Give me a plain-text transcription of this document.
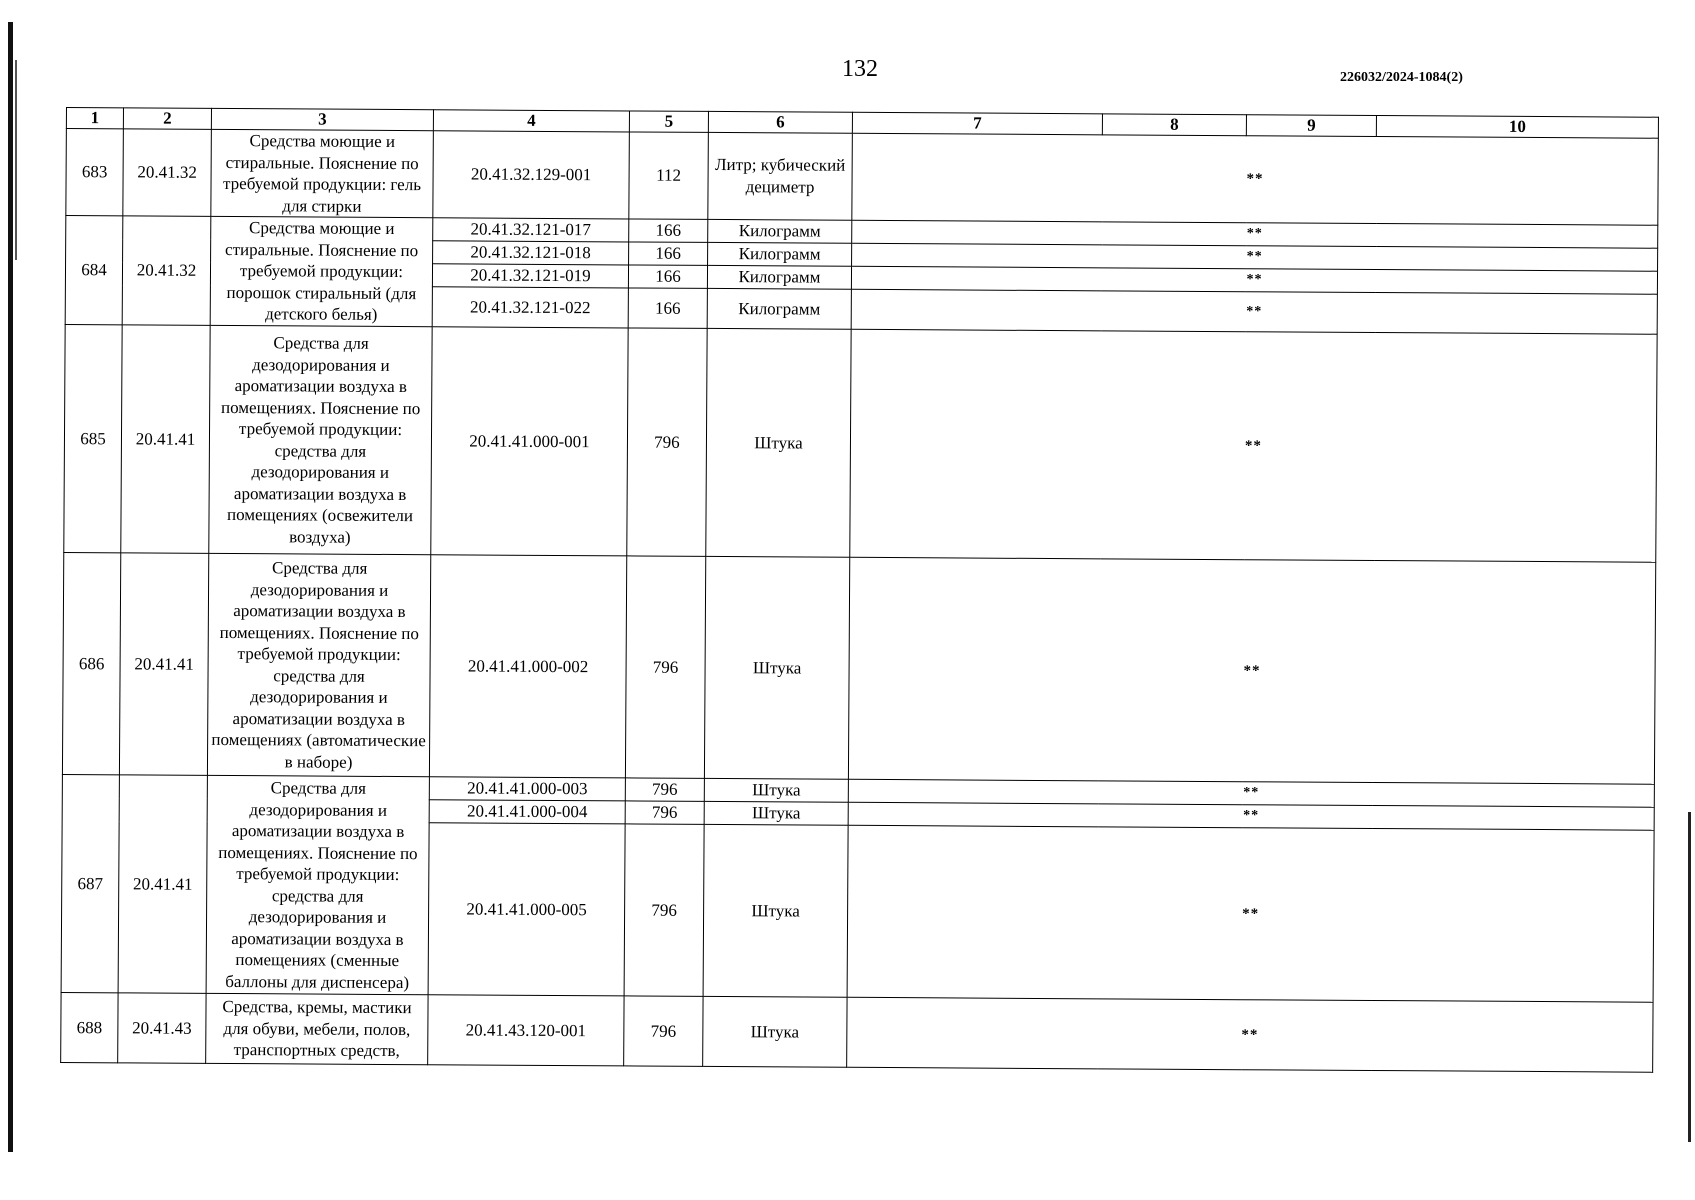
132	226032/2024-1084(2)
1	2	3	4	5	6	7	8	9	10
683	20.41.32	Средства моющие и стиральные. Пояснение по требуемой продукции: гель для стирки	20.41.32.129-001	112	Литр; кубический дециметр	**			
684	20.41.32	Средства моющие и стиральные. Пояснение по требуемой продукции: порошок стиральный (для детского белья)	20.41.32.121-017	166	Килограмм	**			
			20.41.32.121-018	166	Килограмм	**			
			20.41.32.121-019	166	Килограмм	**			
			20.41.32.121-022	166	Килограмм	**			
685	20.41.41	Средства для дезодорирования и ароматизации воздуха в помещениях. Пояснение по требуемой продукции: средства для дезодорирования и ароматизации воздуха в помещениях (освежители воздуха)	20.41.41.000-001	796	Штука	**			
686	20.41.41	Средства для дезодорирования и ароматизации воздуха в помещениях. Пояснение по требуемой продукции: средства для дезодорирования и ароматизации воздуха в помещениях (автоматические в наборе)	20.41.41.000-002	796	Штука	**			
687	20.41.41	Средства для дезодорирования и ароматизации воздуха в помещениях. Пояснение по требуемой продукции: средства для дезодорирования и ароматизации воздуха в помещениях (сменные баллоны для диспенсера)	20.41.41.000-003	796	Штука	**			
			20.41.41.000-004	796	Штука	**			
			20.41.41.000-005	796	Штука	**			
688	20.41.43	Средства, кремы, мастики для обуви, мебели, полов, транспортных средств,	20.41.43.120-001	796	Штука	**			
